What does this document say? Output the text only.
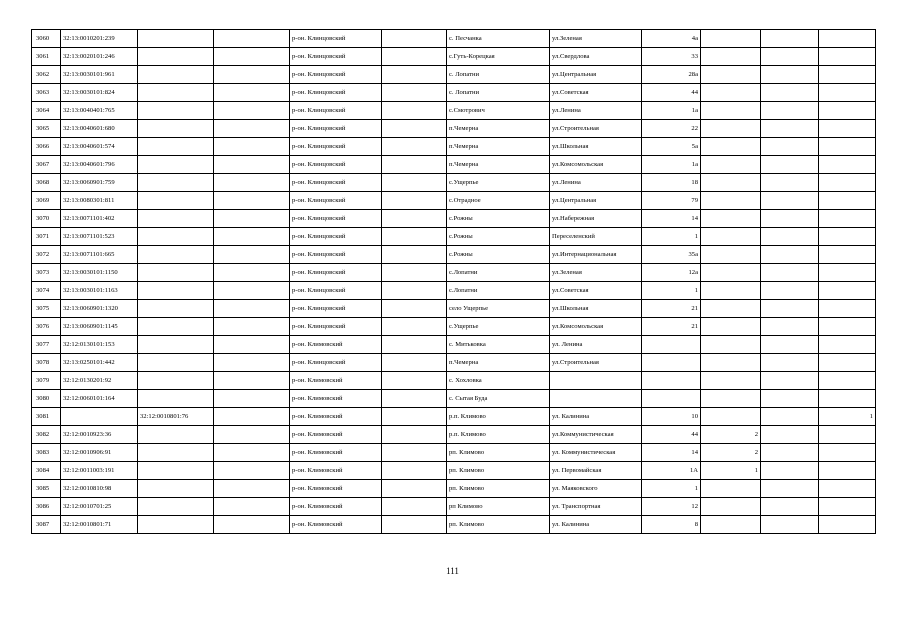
3060	32:13:0010201:239			р-он. Клинцовский		с. Песчанка	ул.Зеленая	4а			
3061	32:13:0020101:246			р-он. Клинцовский		с.Гуть-Корецкая	ул.Свердлова	33			
3062	32:13:0030101:961			р-он. Клинцовский		с. Лопатни	ул.Центральная	28а			
3063	32:13:0030101:824			р-он. Клинцовский		с. Лопатни	ул.Советская	44			
3064	32:13:0040401:765			р-он. Клинцовский		с.Смотрович	ул.Ленина	1а			
3065	32:13:0040601:680			р-он. Клинцовский		п.Чемерна	ул.Строительная	22			
3066	32:13:0040601:574			р-он. Клинцовский		п.Чемерна	ул.Школьная	5а			
3067	32:13:0040601:796			р-он. Клинцовский		п.Чемерна	ул.Комсомольская	1а			
3068	32:13:0060901:759			р-он. Клинцовский		с.Ущерпье	ул.Ленина	18			
3069	32:13:0080301:811			р-он. Клинцовский		с.Отрадное	ул.Центральная	79			
3070	32:13:0071101:402			р-он. Клинцовский		с.Рожны	ул.Набережная	14			
3071	32:13:0071101:523			р-он. Клинцовский		с.Рожны	Переселенский	1			
3072	32:13:0071101:665			р-он. Клинцовский		с.Рожны	ул.Интернациональная	35а			
3073	32:13:0030101:1150			р-он. Клинцовский		с.Лопатни	ул.Зеленая	12а			
3074	32:13:0030101:1163			р-он. Клинцовский		с.Лопатни	ул.Советская	1			
3075	32:13:0060901:1320			р-он. Клинцовский		село Ущерпье	ул.Школьная	21			
3076	32:13:0060901:1145			р-он. Клинцовский		с.Ущерпье	ул.Комсомольская	21			
3077	32:12:0130101:153			р-он. Климовский		с. Митьковка	ул. Ленина				
3078	32:13:0250101:442			р-он. Клинцовский		п.Чемерна	ул.Строительная				
3079	32:12:0130201:92			р-он. Климовский		с. Хохловка					
3080	32:12:0060101:164			р-он. Климовский		с. Сытая Буда					
3081		32:12:0010801:76		р-он. Климовский		р.п. Климово	ул. Калинина	10			1
3082	32:12:0010923:36			р-он. Климовский		р.п. Климово	ул.Коммунистическая	44	2		
3083	32:12:0010906:91			р-он. Климовский		рп. Климово	ул. Коммунистическая	14	2		
3084	32:12:0011003:191			р-он. Климовский		рп. Климово	ул. Первомайская	1А	1		
3085	32:12:0010810:98			р-он. Климовский		рп. Климово	ул. Маяковского	1			
3086	32:12:0010701:25			р-он. Климовский		рп Климово	ул. Транспортная	12			
3087	32:12:0010801:71			р-он. Климовский		рп. Климово	ул. Калинина	8			
111
